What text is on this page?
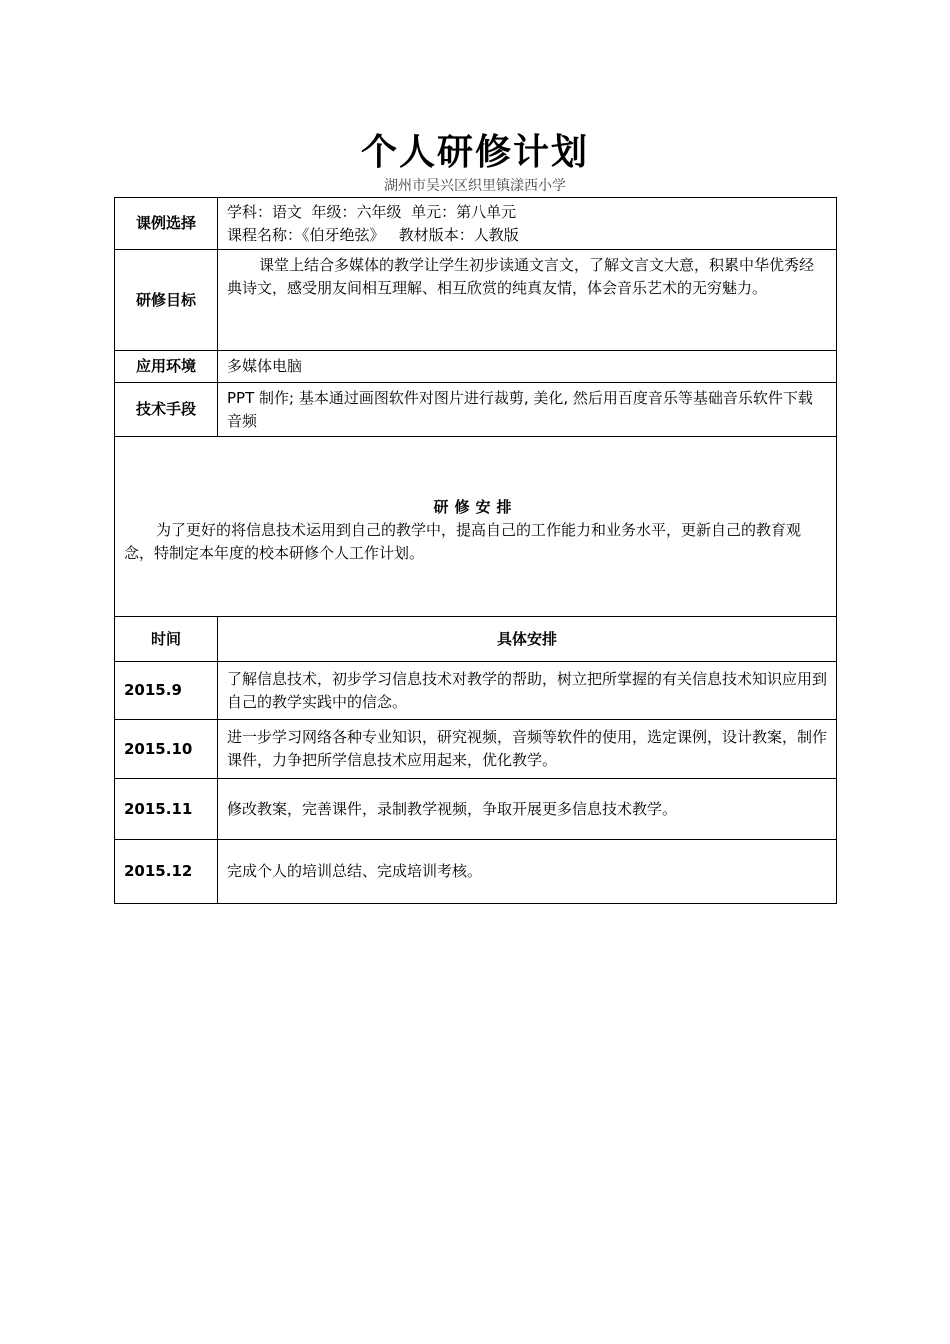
个人研修计划
湖州市吴兴区织里镇漾西小学
课例选择	学科：语文  年级：六年级  单元：第八单元
课程名称：《伯牙绝弦》   教材版本：人教版

研修目标	课堂上结合多媒体的教学让学生初步读通文言文，了解文言文大意，积累中华优秀经典诗文，感受朋友间相互理解、相互欣赏的纯真友情，体会音乐艺术的无穷魅力。

应用环境	多媒体电脑
技术手段	PPT 制作; 基本通过画图软件对图片进行裁剪, 美化, 然后用百度音乐等基础音乐软件下载音频

研修安排
为了更好的将信息技术运用到自己的教学中，提高自己的工作能力和业务水平，更新自己的教育观念，特制定本年度的校本研修个人工作计划。	

时间	具体安排
2015.9	了解信息技术，初步学习信息技术对教学的帮助，树立把所掌握的有关信息技术知识应用到自己的教学实践中的信念。
2015.10	进一步学习网络各种专业知识，研究视频，音频等软件的使用，选定课例，设计教案，制作课件，力争把所学信息技术应用起来，优化教学。
2015.11	修改教案，完善课件，录制教学视频，争取开展更多信息技术教学。
2015.12	完成个人的培训总结、完成培训考核。
